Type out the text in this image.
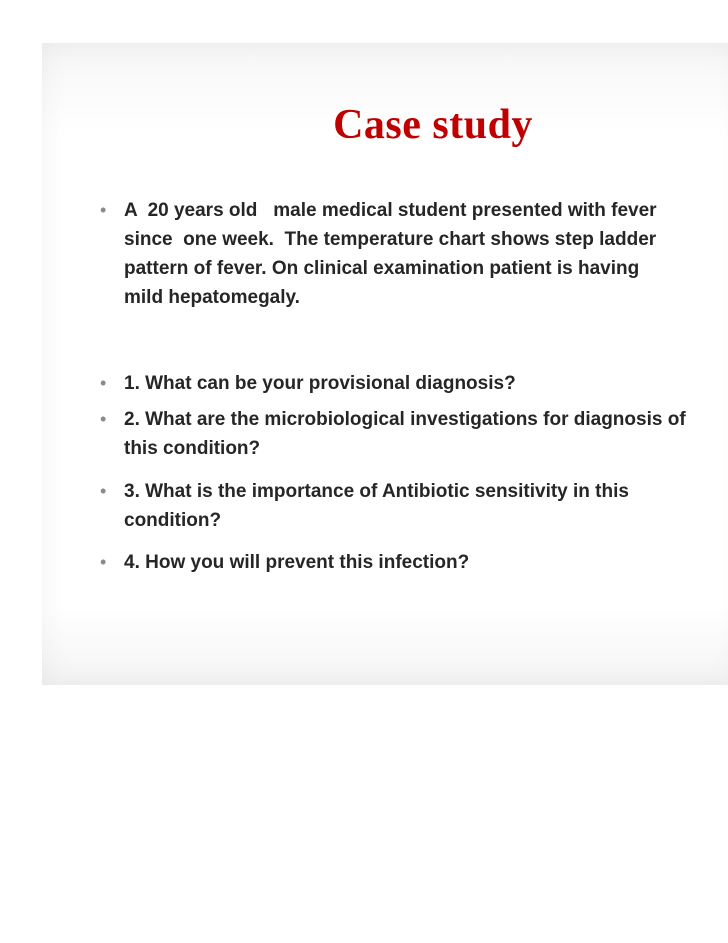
Case study
• A  20 years old   male medical student presented with fever
since  one week.  The temperature chart shows step ladder
pattern of fever. On clinical examination patient is having
mild hepatomegaly.
• 1. What can be your provisional diagnosis?
• 2. What are the microbiological investigations for diagnosis of
this condition?
• 3. What is the importance of Antibiotic sensitivity in this
condition?
• 4. How you will prevent this infection?
